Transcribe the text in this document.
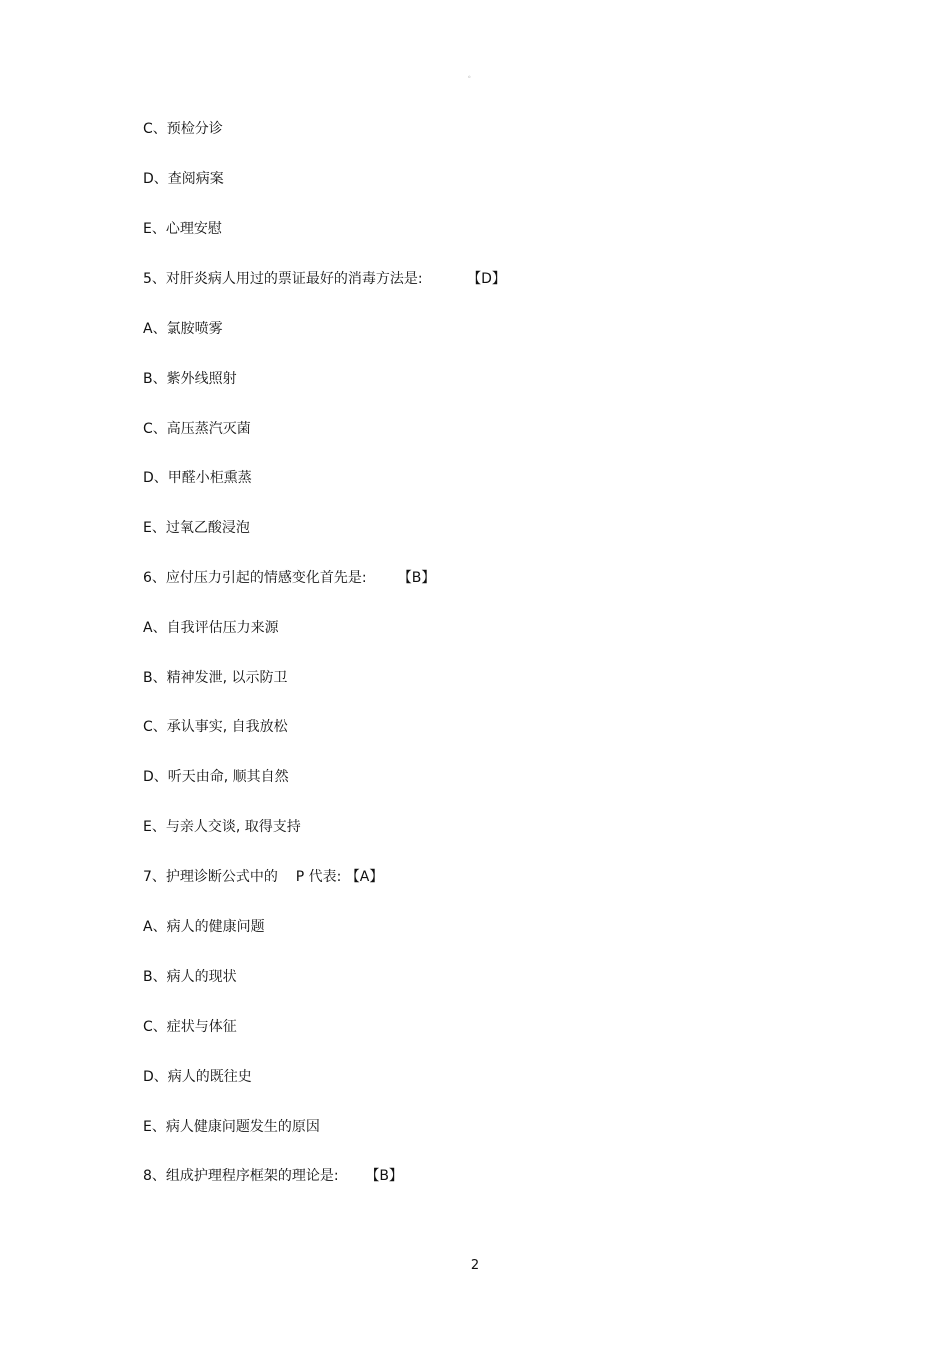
。
C、预检分诊
D、查阅病案
E、心理安慰
5、对肝炎病人用过的票证最好的消毒方法是:          【D】
A、氯胺喷雾
B、紫外线照射
C、高压蒸汽灭菌
D、甲醛小柜熏蒸
E、过氧乙酸浸泡
6、应付压力引起的情感变化首先是:       【B】
A、自我评估压力来源
B、精神发泄, 以示防卫
C、承认事实, 自我放松
D、听天由命, 顺其自然
E、与亲人交谈, 取得支持
7、护理诊断公式中的    P 代表: 【A】
A、病人的健康问题
B、病人的现状
C、症状与体征
D、病人的既往史
E、病人健康问题发生的原因
8、组成护理程序框架的理论是:      【B】
2
